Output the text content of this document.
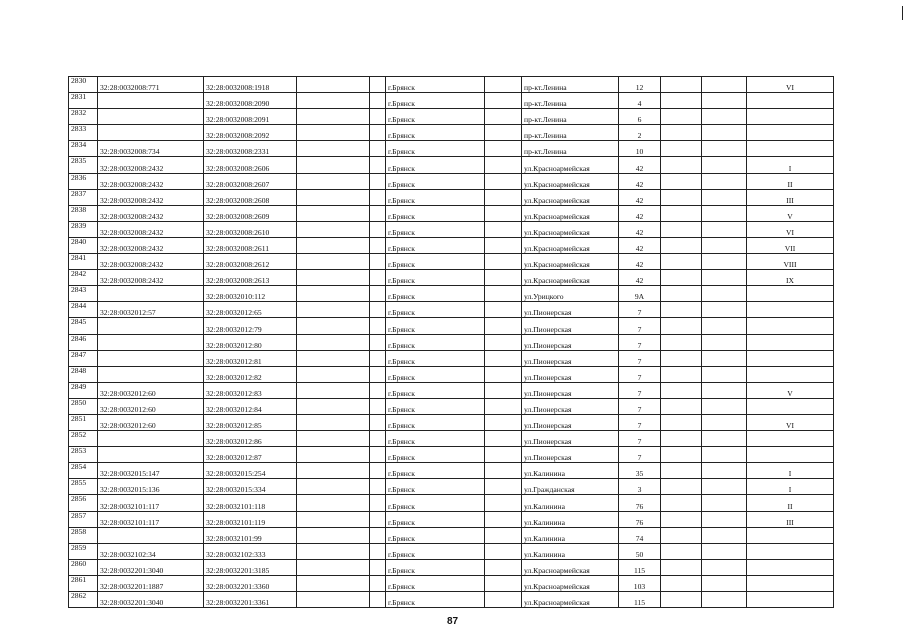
2830	32:28:0032008:771	32:28:0032008:1918			г.Брянск		пр-кт.Ленина	12			VI
2831		32:28:0032008:2090			г.Брянск		пр-кт.Ленина	4			
2832		32:28:0032008:2091			г.Брянск		пр-кт.Ленина	6			
2833		32:28:0032008:2092			г.Брянск		пр-кт.Ленина	2			
2834	32:28:0032008:734	32:28:0032008:2331			г.Брянск		пр-кт.Ленина	10			
2835	32:28:0032008:2432	32:28:0032008:2606			г.Брянск		ул.Красноармейская	42			I
2836	32:28:0032008:2432	32:28:0032008:2607			г.Брянск		ул.Красноармейская	42			II
2837	32:28:0032008:2432	32:28:0032008:2608			г.Брянск		ул.Красноармейская	42			III
2838	32:28:0032008:2432	32:28:0032008:2609			г.Брянск		ул.Красноармейская	42			V
2839	32:28:0032008:2432	32:28:0032008:2610			г.Брянск		ул.Красноармейская	42			VI
2840	32:28:0032008:2432	32:28:0032008:2611			г.Брянск		ул.Красноармейская	42			VII
2841	32:28:0032008:2432	32:28:0032008:2612			г.Брянск		ул.Красноармейская	42			VIII
2842	32:28:0032008:2432	32:28:0032008:2613			г.Брянск		ул.Красноармейская	42			IX
2843		32:28:0032010:112			г.Брянск		ул.Урицкого	9А			
2844	32:28:0032012:57	32:28:0032012:65			г.Брянск		ул.Пионерская	7			
2845		32:28:0032012:79			г.Брянск		ул.Пионерская	7			
2846		32:28:0032012:80			г.Брянск		ул.Пионерская	7			
2847		32:28:0032012:81			г.Брянск		ул.Пионерская	7			
2848		32:28:0032012:82			г.Брянск		ул.Пионерская	7			
2849	32:28:0032012:60	32:28:0032012:83			г.Брянск		ул.Пионерская	7			V
2850	32:28:0032012:60	32:28:0032012:84			г.Брянск		ул.Пионерская	7			
2851	32:28:0032012:60	32:28:0032012:85			г.Брянск		ул.Пионерская	7			VI
2852		32:28:0032012:86			г.Брянск		ул.Пионерская	7			
2853		32:28:0032012:87			г.Брянск		ул.Пионерская	7			
2854	32:28:0032015:147	32:28:0032015:254			г.Брянск		ул.Калинина	35			I
2855	32:28:0032015:136	32:28:0032015:334			г.Брянск		ул.Гражданская	3			I
2856	32:28:0032101:117	32:28:0032101:118			г.Брянск		ул.Калинина	76			II
2857	32:28:0032101:117	32:28:0032101:119			г.Брянск		ул.Калинина	76			III
2858		32:28:0032101:99			г.Брянск		ул.Калинина	74			
2859	32:28:0032102:34	32:28:0032102:333			г.Брянск		ул.Калинина	50			
2860	32:28:0032201:3040	32:28:0032201:3185			г.Брянск		ул.Красноармейская	115			
2861	32:28:0032201:1887	32:28:0032201:3360			г.Брянск		ул.Красноармейская	103			
2862	32:28:0032201:3040	32:28:0032201:3361			г.Брянск		ул.Красноармейская	115			
87
